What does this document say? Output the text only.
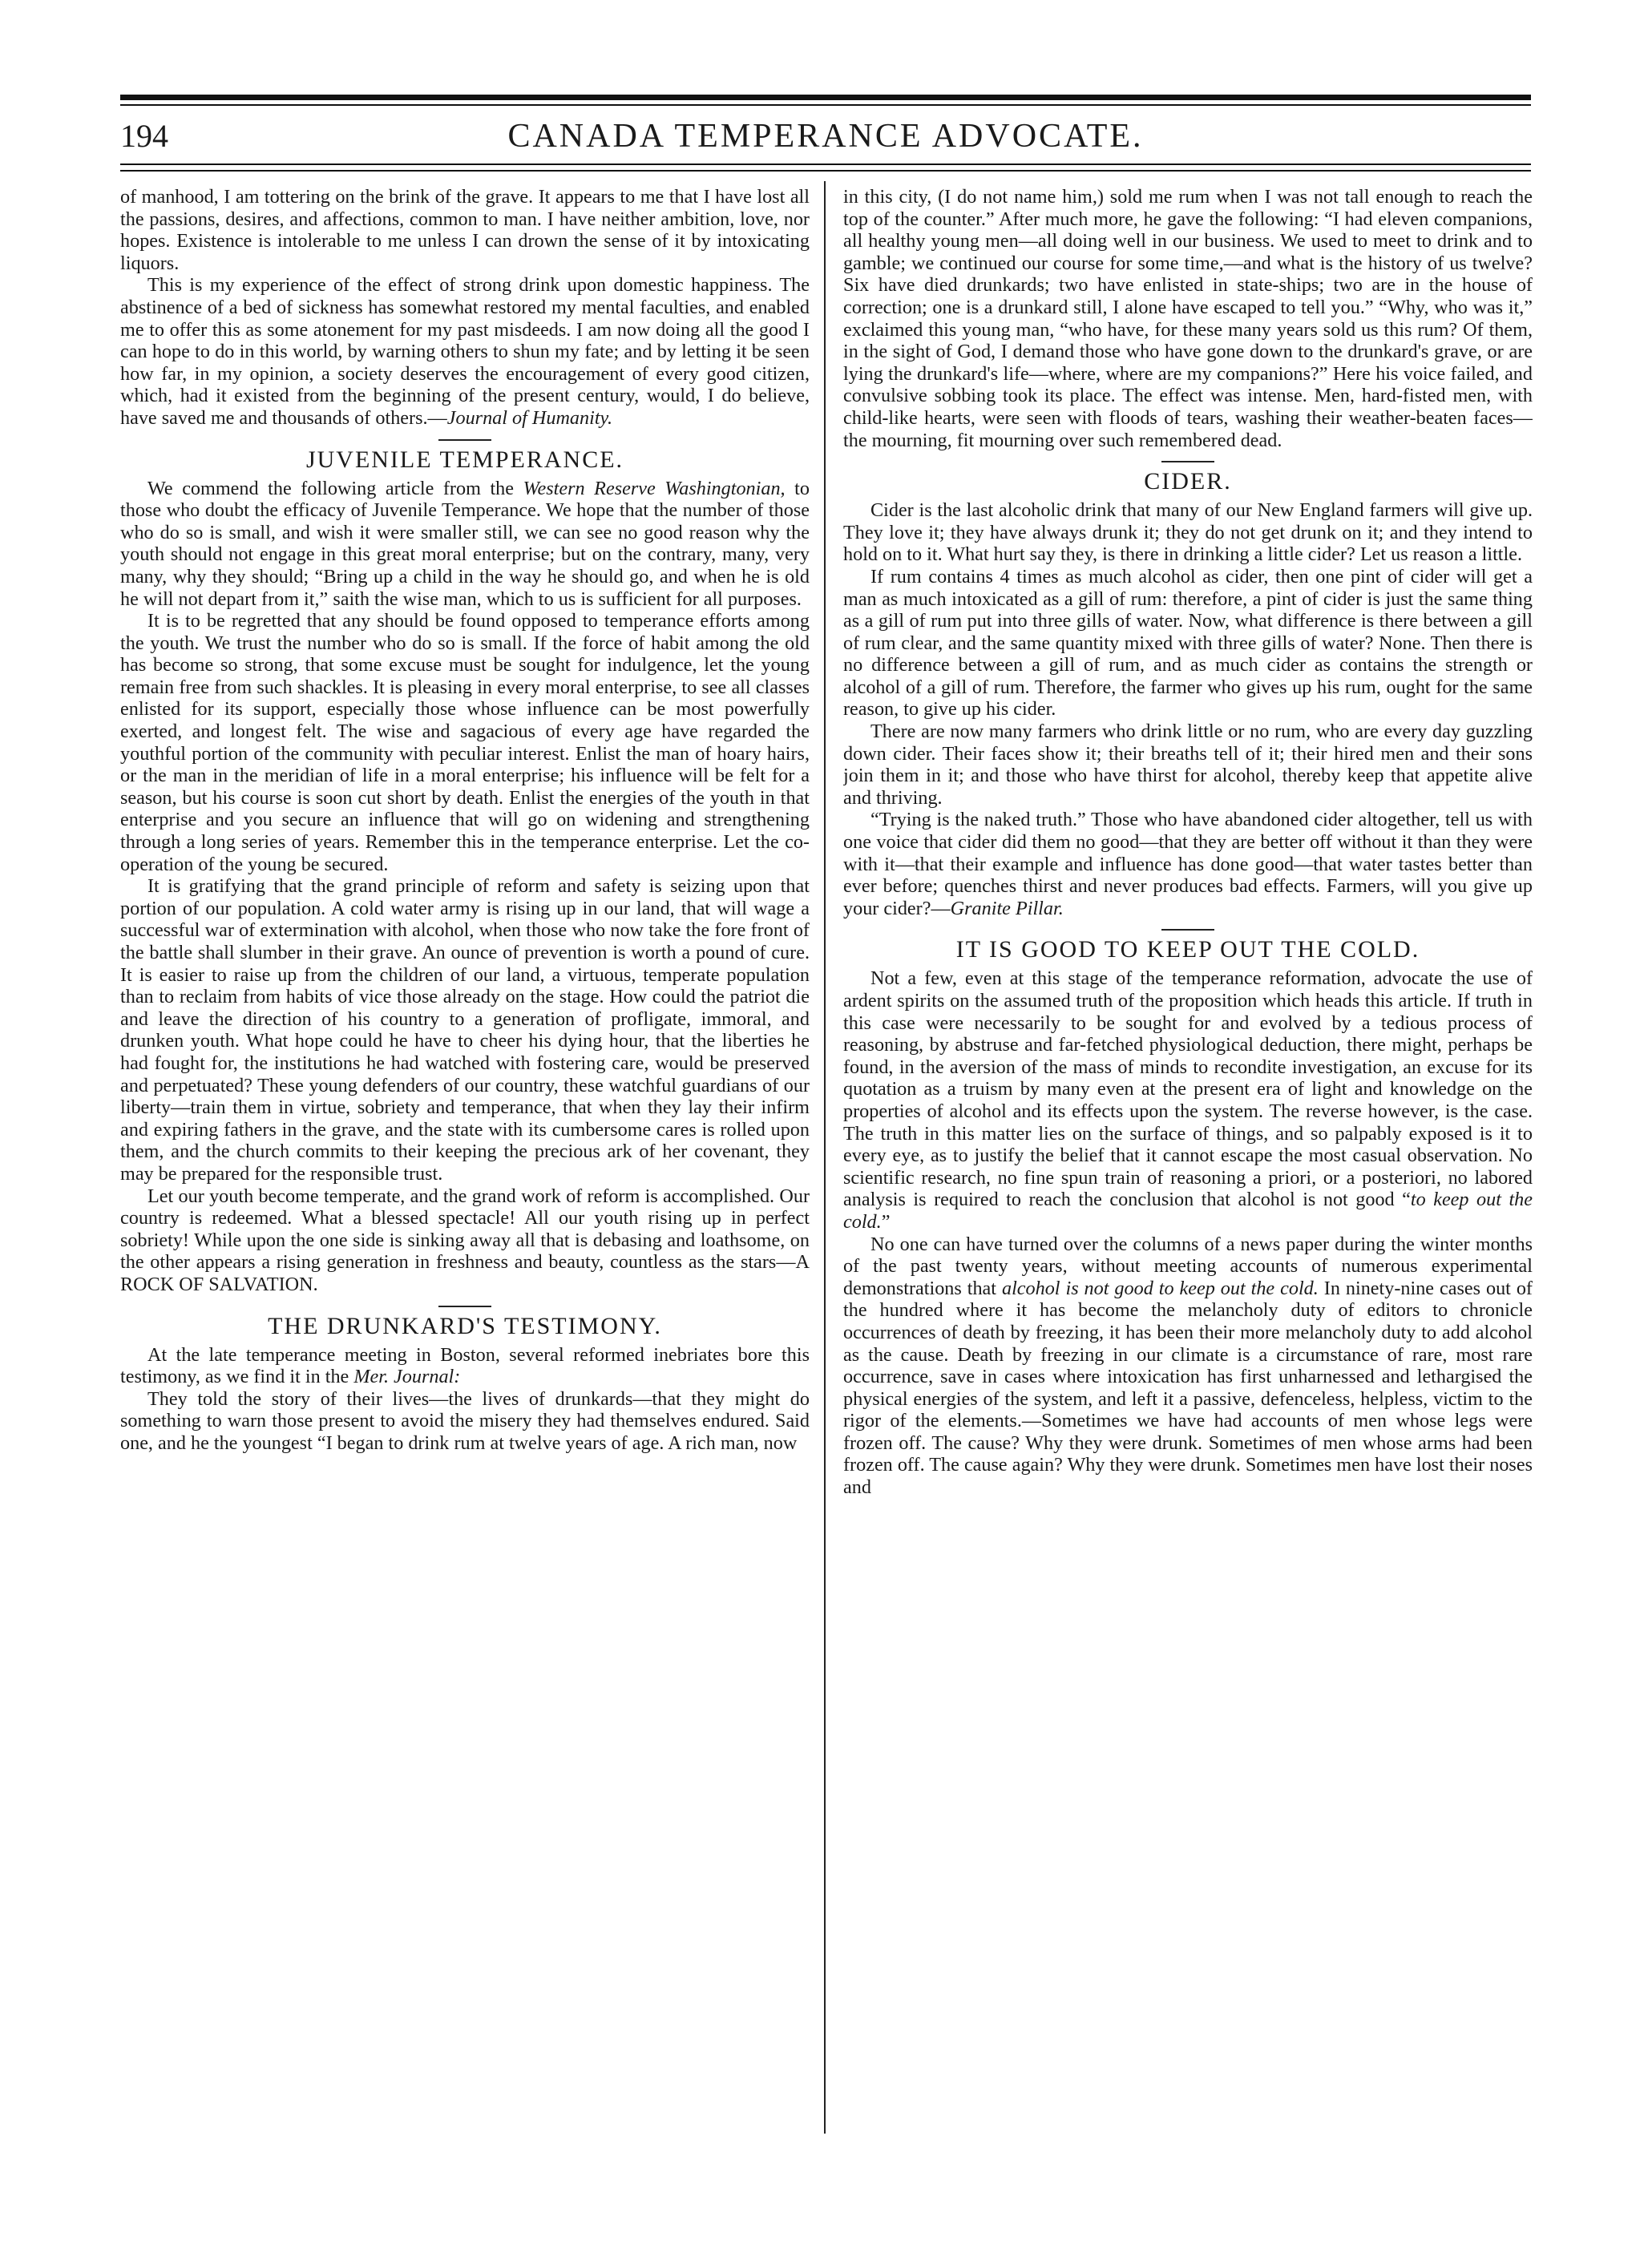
194	CANADA TEMPERANCE ADVOCATE.

of manhood, I am tottering on the brink of the grave. It appears to me that I have lost all the passions, desires, and affections, common to man. I have neither ambition, love, nor hopes. Existence is intolerable to me unless I can drown the sense of it by intoxicating liquors.

This is my experience of the effect of strong drink upon domestic happiness. The abstinence of a bed of sickness has somewhat restored my mental faculties, and enabled me to offer this as some atonement for my past misdeeds. I am now doing all the good I can hope to do in this world, by warning others to shun my fate; and by letting it be seen how far, in my opinion, a society deserves the encouragement of every good citizen, which, had it existed from the beginning of the present century, would, I do believe, have saved me and thousands of others.—Journal of Humanity.

JUVENILE TEMPERANCE.

We commend the following article from the Western Reserve Washingtonian, to those who doubt the efficacy of Juvenile Temperance. We hope that the number of those who do so is small, and wish it were smaller still, we can see no good reason why the youth should not engage in this great moral enterprise; but on the contrary, many, very many, why they should; “Bring up a child in the way he should go, and when he is old he will not depart from it,” saith the wise man, which to us is sufficient for all purposes.

It is to be regretted that any should be found opposed to temperance efforts among the youth. We trust the number who do so is small. If the force of habit among the old has become so strong, that some excuse must be sought for indulgence, let the young remain free from such shackles. It is pleasing in every moral enterprise, to see all classes enlisted for its support, especially those whose influence can be most powerfully exerted, and longest felt. The wise and sagacious of every age have regarded the youthful portion of the community with peculiar interest. Enlist the man of hoary hairs, or the man in the meridian of life in a moral enterprise; his influence will be felt for a season, but his course is soon cut short by death. Enlist the energies of the youth in that enterprise and you secure an influence that will go on widening and strengthening through a long series of years. Remember this in the temperance enterprise. Let the co-operation of the young be secured.

It is gratifying that the grand principle of reform and safety is seizing upon that portion of our population. A cold water army is rising up in our land, that will wage a successful war of extermination with alcohol, when those who now take the fore front of the battle shall slumber in their grave. An ounce of prevention is worth a pound of cure. It is easier to raise up from the children of our land, a virtuous, temperate population than to reclaim from habits of vice those already on the stage. How could the patriot die and leave the direction of his country to a generation of profligate, immoral, and drunken youth. What hope could he have to cheer his dying hour, that the liberties he had fought for, the institutions he had watched with fostering care, would be preserved and perpetuated? These young defenders of our country, these watchful guardians of our liberty—train them in virtue, sobriety and temperance, that when they lay their infirm and expiring fathers in the grave, and the state with its cumbersome cares is rolled upon them, and the church commits to their keeping the precious ark of her covenant, they may be prepared for the responsible trust.

Let our youth become temperate, and the grand work of reform is accomplished. Our country is redeemed. What a blessed spectacle! All our youth rising up in perfect sobriety! While upon the one side is sinking away all that is debasing and loathsome, on the other appears a rising generation in freshness and beauty, countless as the stars—A ROCK OF SALVATION.

THE DRUNKARD'S TESTIMONY.

At the late temperance meeting in Boston, several reformed inebriates bore this testimony, as we find it in the Mer. Journal:

They told the story of their lives—the lives of drunkards—that they might do something to warn those present to avoid the misery they had themselves endured. Said one, and he the youngest “I began to drink rum at twelve years of age. A rich man, now

in this city, (I do not name him,) sold me rum when I was not tall enough to reach the top of the counter.” After much more, he gave the following: “I had eleven companions, all healthy young men—all doing well in our business. We used to meet to drink and to gamble; we continued our course for some time,—and what is the history of us twelve? Six have died drunkards; two have enlisted in state-ships; two are in the house of correction; one is a drunkard still, I alone have escaped to tell you.” “Why, who was it,” exclaimed this young man, “who have, for these many years sold us this rum? Of them, in the sight of God, I demand those who have gone down to the drunkard's grave, or are lying the drunkard's life—where, where are my companions?” Here his voice failed, and convulsive sobbing took its place. The effect was intense. Men, hard-fisted men, with child-like hearts, were seen with floods of tears, washing their weather-beaten faces—the mourning, fit mourning over such remembered dead.

CIDER.

Cider is the last alcoholic drink that many of our New England farmers will give up. They love it; they have always drunk it; they do not get drunk on it; and they intend to hold on to it. What hurt say they, is there in drinking a little cider? Let us reason a little.

If rum contains 4 times as much alcohol as cider, then one pint of cider will get a man as much intoxicated as a gill of rum: therefore, a pint of cider is just the same thing as a gill of rum put into three gills of water. Now, what difference is there between a gill of rum clear, and the same quantity mixed with three gills of water? None. Then there is no difference between a gill of rum, and as much cider as contains the strength or alcohol of a gill of rum. Therefore, the farmer who gives up his rum, ought for the same reason, to give up his cider.

There are now many farmers who drink little or no rum, who are every day guzzling down cider. Their faces show it; their breaths tell of it; their hired men and their sons join them in it; and those who have thirst for alcohol, thereby keep that appetite alive and thriving.

“Trying is the naked truth.” Those who have abandoned cider altogether, tell us with one voice that cider did them no good—that they are better off without it than they were with it—that their example and influence has done good—that water tastes better than ever before; quenches thirst and never produces bad effects. Farmers, will you give up your cider?—Granite Pillar.

IT IS GOOD TO KEEP OUT THE COLD.

Not a few, even at this stage of the temperance reformation, advocate the use of ardent spirits on the assumed truth of the proposition which heads this article. If truth in this case were necessarily to be sought for and evolved by a tedious process of reasoning, by abstruse and far-fetched physiological deduction, there might, perhaps be found, in the aversion of the mass of minds to recondite investigation, an excuse for its quotation as a truism by many even at the present era of light and knowledge on the properties of alcohol and its effects upon the system. The reverse however, is the case. The truth in this matter lies on the surface of things, and so palpably exposed is it to every eye, as to justify the belief that it cannot escape the most casual observation. No scientific research, no fine spun train of reasoning a priori, or a posteriori, no labored analysis is required to reach the conclusion that alcohol is not good “to keep out the cold.”

No one can have turned over the columns of a news paper during the winter months of the past twenty years, without meeting accounts of numerous experimental demonstrations that alcohol is not good to keep out the cold. In ninety-nine cases out of the hundred where it has become the melancholy duty of editors to chronicle occurrences of death by freezing, it has been their more melancholy duty to add alcohol as the cause. Death by freezing in our climate is a circumstance of rare, most rare occurrence, save in cases where intoxication has first unharnessed and lethargised the physical energies of the system, and left it a passive, defenceless, helpless, victim to the rigor of the elements.—Sometimes we have had accounts of men whose legs were frozen off. The cause? Why they were drunk. Sometimes of men whose arms had been frozen off. The cause again? Why they were drunk. Sometimes men have lost their noses and
